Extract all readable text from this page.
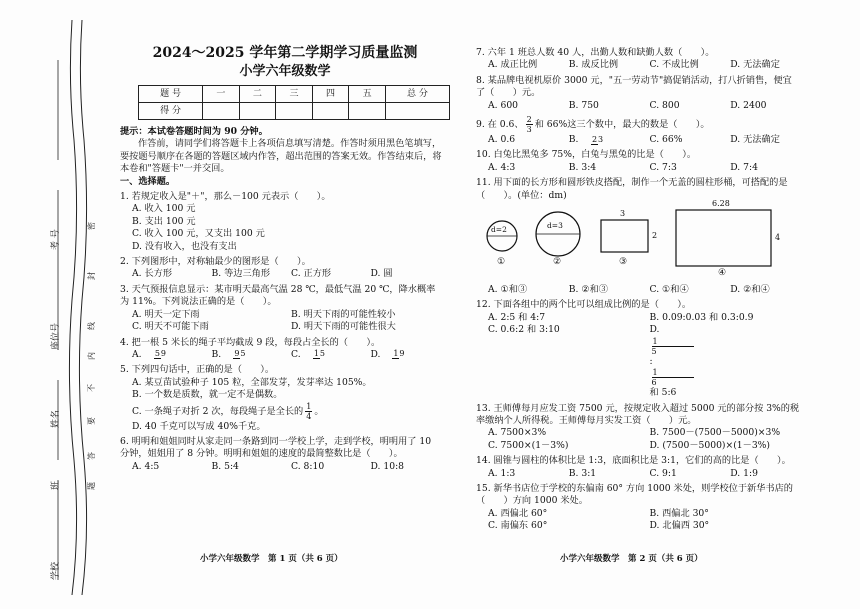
考 号
座位号
姓名
班
学校
密
封
线
内
不
要
答
题
2024～2025 学年第二学期学习质量监测
小学六年级数学
题 号	一	二	三	四	五	总 分
得 分						

提示：本试卷答题时间为 90 分钟。

作答前，请同学们将答题卡上各项信息填写清楚。作答时须用黑色笔填写，

要按题号顺序在各题的答题区域内作答，超出范围的答案无效。作答结束后，将

本卷和"答题卡"一并交回。

一、选择题。

1. 若规定收入是"＋"，那么－100 元表示（　　）。

A. 收入 100 元

B. 支出 100 元

C. 收入 100 元，又支出 100 元

D. 没有收入，也没有支出

2. 下列图形中，对称轴最少的图形是（　　）。

A. 长方形	B. 等边三角形	C. 正方形	D. 圆

3. 天气预报信息显示：某市明天最高气温 28 ℃，最低气温 20 ℃，降水概率

为 11%。下列说法正确的是（　　）。

A. 明天一定下雨	B. 明天下雨的可能性较小
C. 明天不可能下雨	D. 明天下雨的可能性很大

4. 把一根 5 米长的绳子平均截成 9 段，每段占全长的（　　）。

A. 59	B. 95	C. 15	D. 19

5. 下列四句话中，正确的是（　　）。

A. 某豆苗试验种子 105 粒，全部发芽，发芽率达 105%。

B. 一个数是质数，就一定不是偶数。

C. 一条绳子对折 2 次，每段绳子是全长的 $\frac{1}{4}$ 。

D. 40 千克可以写成 40%千克。

6. 明明和姐姐同时从家走同一条路到同一学校上学，走到学校，明明用了 10

分钟，姐姐用了 8 分钟。明明和姐姐的速度的最简整数比是（　　）。

A. 4:5	B. 5:4	C. 8:10	D. 10:8

7. 六年 1 班总人数 40 人，出勤人数和缺勤人数（　　）。

A. 成正比例	B. 成反比例	C. 不成比例	D. 无法确定

8. 某品牌电视机原价 3000 元，"五一劳动节"搞促销活动，打八折销售，便宜

了（　　）元。

A. 600	B. 750	C. 800	D. 2400

9. 在 0.6、 $\frac{2}{3}$ 和 66%这三个数中，最大的数是（　　）。

A. 0.6	B. 23	C. 66%	D. 无法确定

10. 白兔比黑兔多 75%，白兔与黑兔的比是（　　）。

A. 4:3	B. 3:4	C. 7:3	D. 7:4

11. 用下面的长方形和圆形铁皮搭配，制作一个无盖的圆柱形桶，可搭配的是

（　　）。(单位：dm)

d=2	d=3
3
2
6.28
4
①	②	③
④
A. ①和③	B. ②和③	C. ①和④	D. ②和④

12. 下面各组中的两个比可以组成比例的是（　　）。

A. 2:5 和 4:7	B. 0.09:0.03 和 0.3:0.9
C. 0.6:2 和 3:10	$D.\frac{1}{5}:\frac{1}{6}$和 5:6

13. 王师傅每月应发工资 7500 元，按规定收入超过 5000 元的部分按 3%的税

率缴纳个人所得税。王师傅每月实发工资（　　）元。

A. 7500×3%	B. 7500－(7500－5000)×3%
C. 7500×(1－3%)	D. (7500－5000)×(1－3%)

14. 圆锥与圆柱的体积比是 1:3，底面积比是 3:1，它们的高的比是（　　）。

A. 1:3	B. 3:1	C. 9:1	D. 1:9

15. 新华书店位于学校的东偏南 60° 方向 1000 米处，则学校位于新华书店的

（　　）方向 1000 米处。

A. 西偏北 60°	B. 西偏北 30°
C. 南偏东 60°	D. 北偏西 30°
小学六年级数学　第 1 页（共 6 页）	小学六年级数学　第 2 页（共 6 页）
